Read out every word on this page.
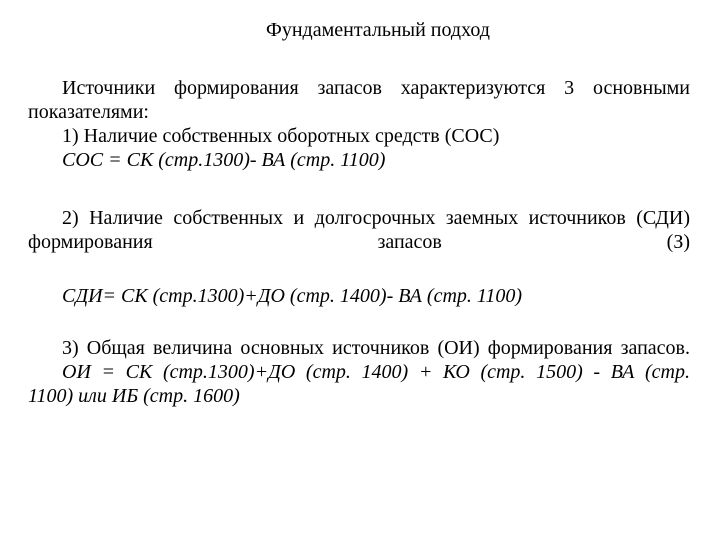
Фундаментальный подход

Источники формирования запасов характеризуются 3 основными показателями:

1) Наличие собственных оборотных средств (СОС)

СОС = СК (стр.1300)- ВА (стр. 1100)

2) Наличие собственных и долгосрочных заемных источников (СДИ) формирования запасов (З)

СДИ= СК (стр.1300)+ДО (стр. 1400)- ВА (стр. 1100)

3) Общая величина основных источников (ОИ) формирования запасов.

ОИ = СК (стр.1300)+ДО (стр. 1400) + КО (стр. 1500) - ВА (стр.

1100) или ИБ (стр. 1600)
